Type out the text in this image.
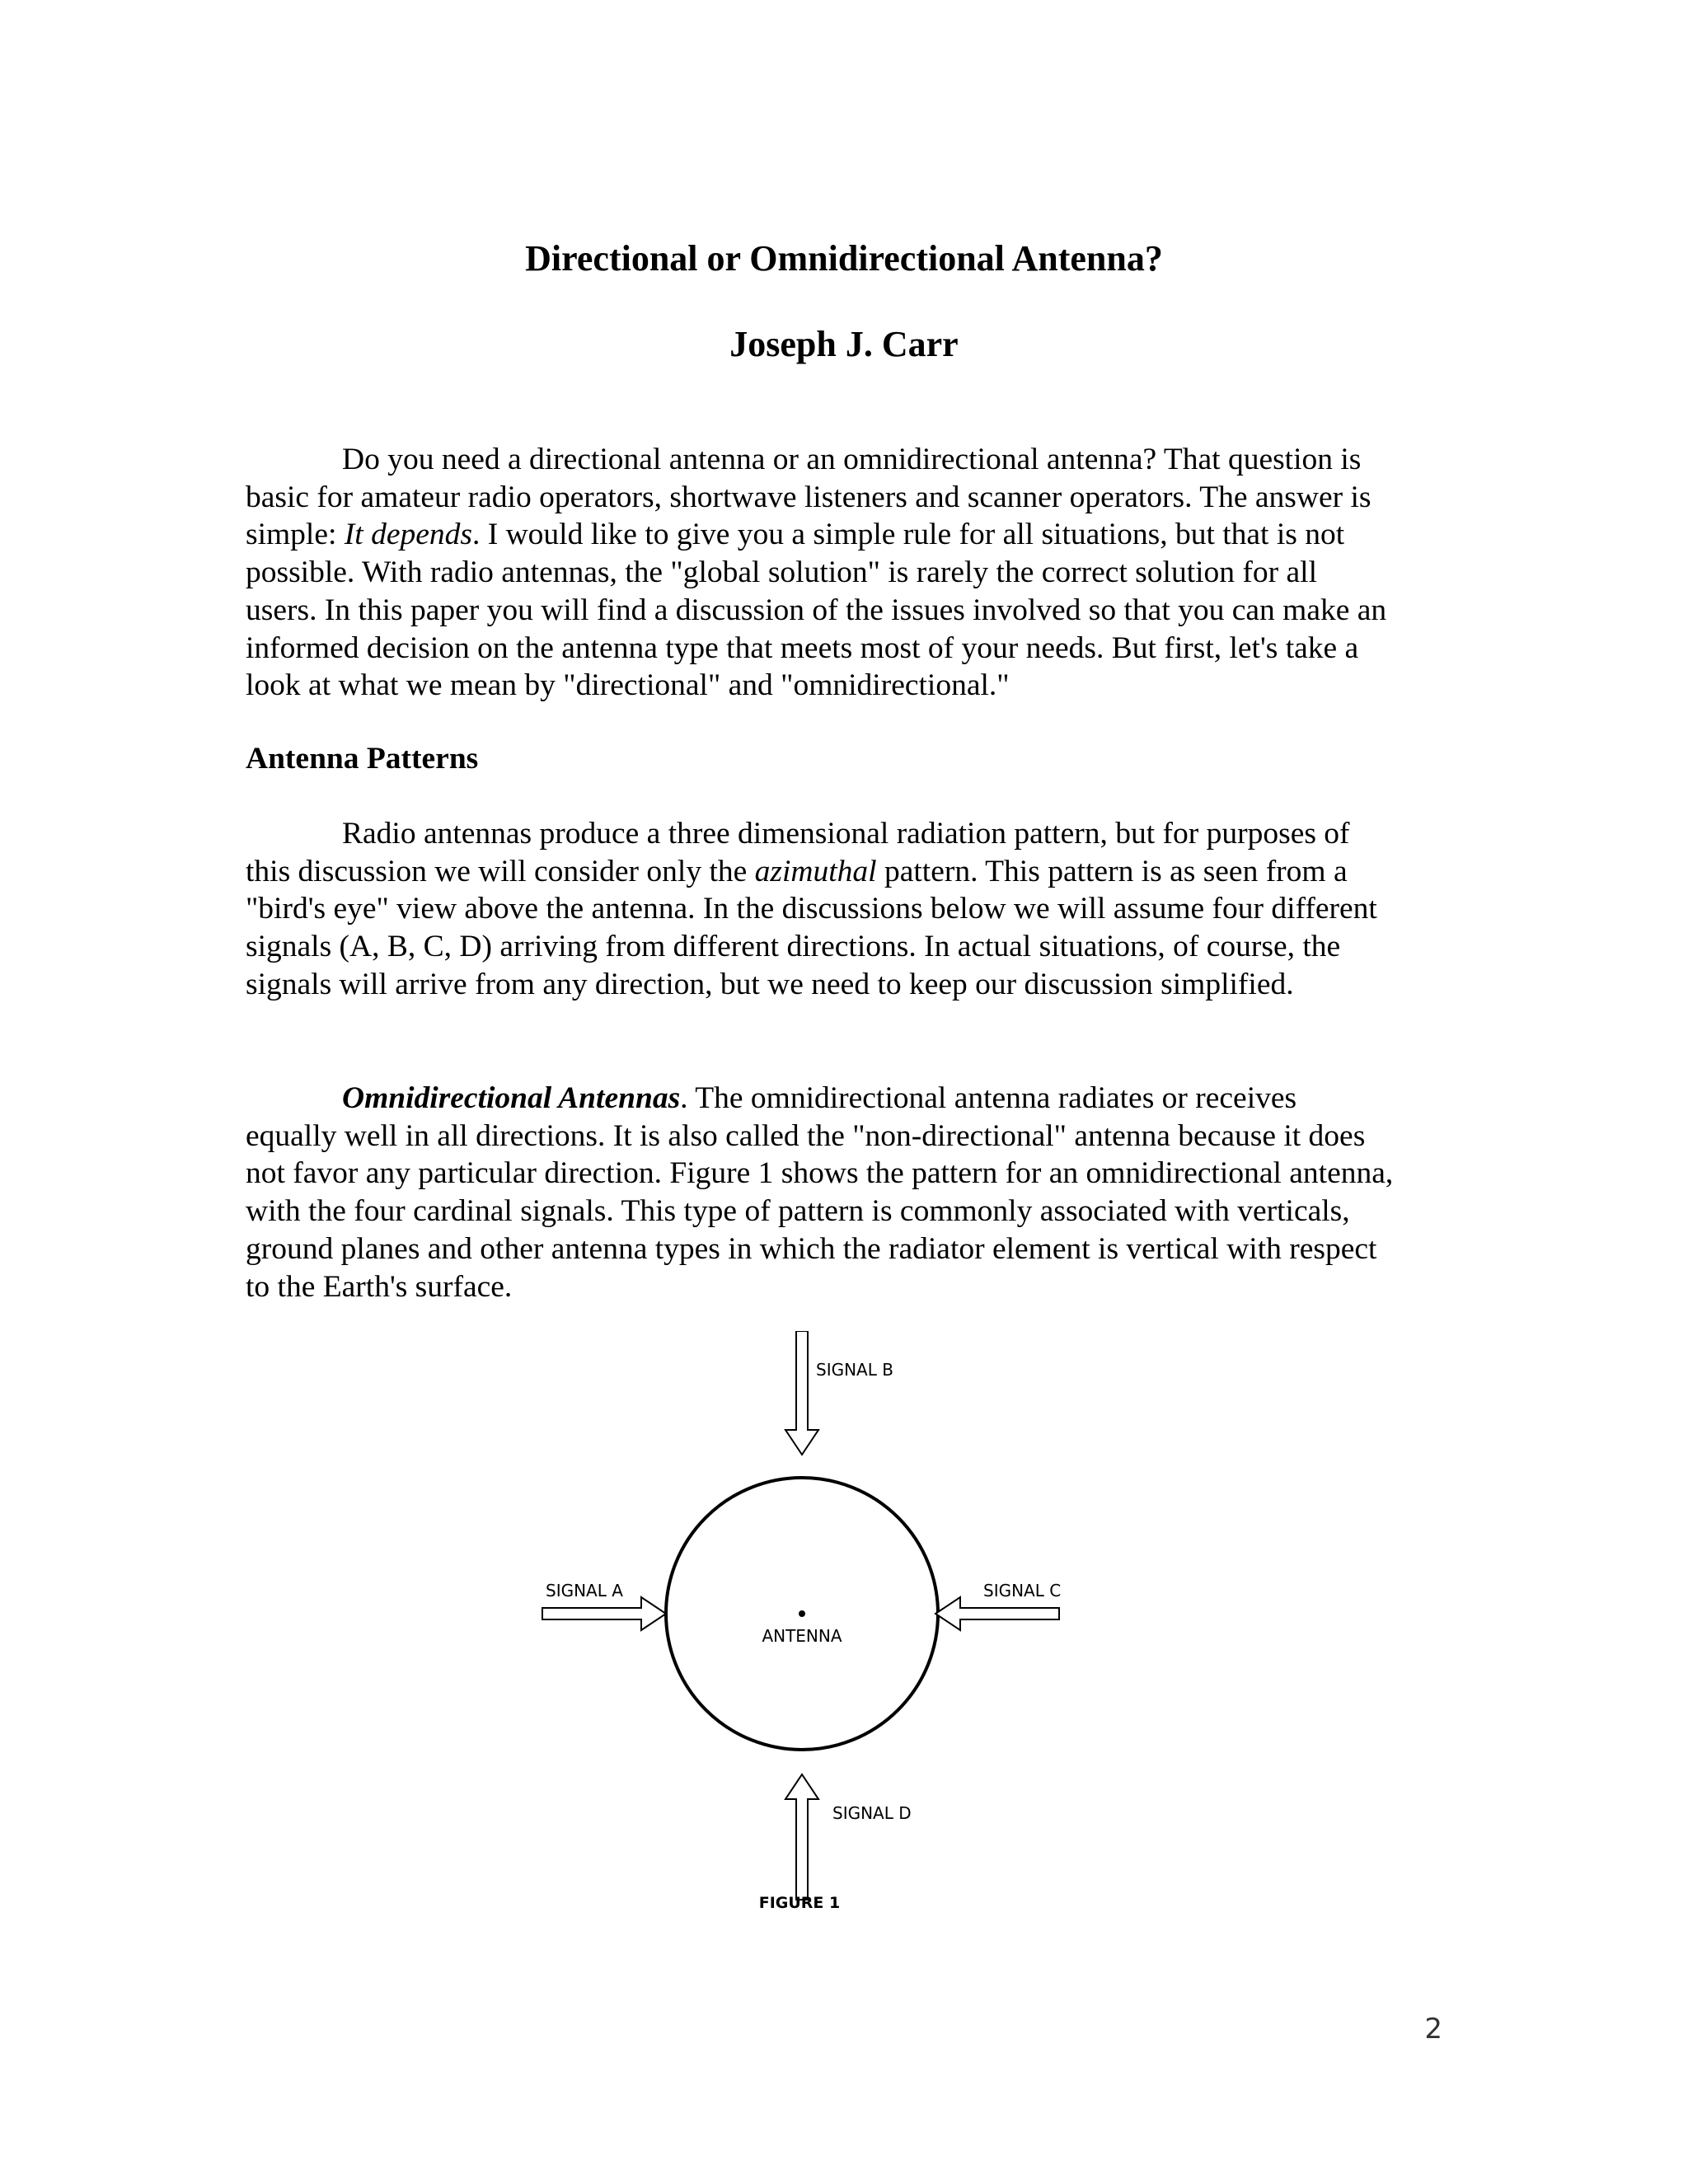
Directional or Omnidirectional Antenna?
Joseph J. Carr
Do you need a directional antenna or an omnidirectional antenna? That question is
basic for amateur radio operators, shortwave listeners and scanner operators. The answer is
simple: It depends. I would like to give you a simple rule for all situations, but that is not
possible. With radio antennas, the "global solution" is rarely the correct solution for all
users. In this paper you will find a discussion of the issues involved so that you can make an
informed decision on the antenna type that meets most of your needs. But first, let's take a
look at what we mean by "directional" and "omnidirectional."
Antenna Patterns
Radio antennas produce a three dimensional radiation pattern, but for purposes of
this discussion we will consider only the azimuthal pattern. This pattern is as seen from a
"bird's eye" view above the antenna. In the discussions below we will assume four different
signals (A, B, C, D) arriving from different directions. In actual situations, of course, the
signals will arrive from any direction, but we need to keep our discussion simplified.
Omnidirectional Antennas. The omnidirectional antenna radiates or receives
equally well in all directions. It is also called the "non-directional" antenna because it does
not favor any particular direction. Figure 1 shows the pattern for an omnidirectional antenna,
with the four cardinal signals. This type of pattern is commonly associated with verticals,
ground planes and other antenna types in which the radiator element is vertical with respect
to the Earth's surface.
ANTENNA
SIGNAL B
SIGNAL A	SIGNAL C
SIGNAL D
FIGURE 1
2
